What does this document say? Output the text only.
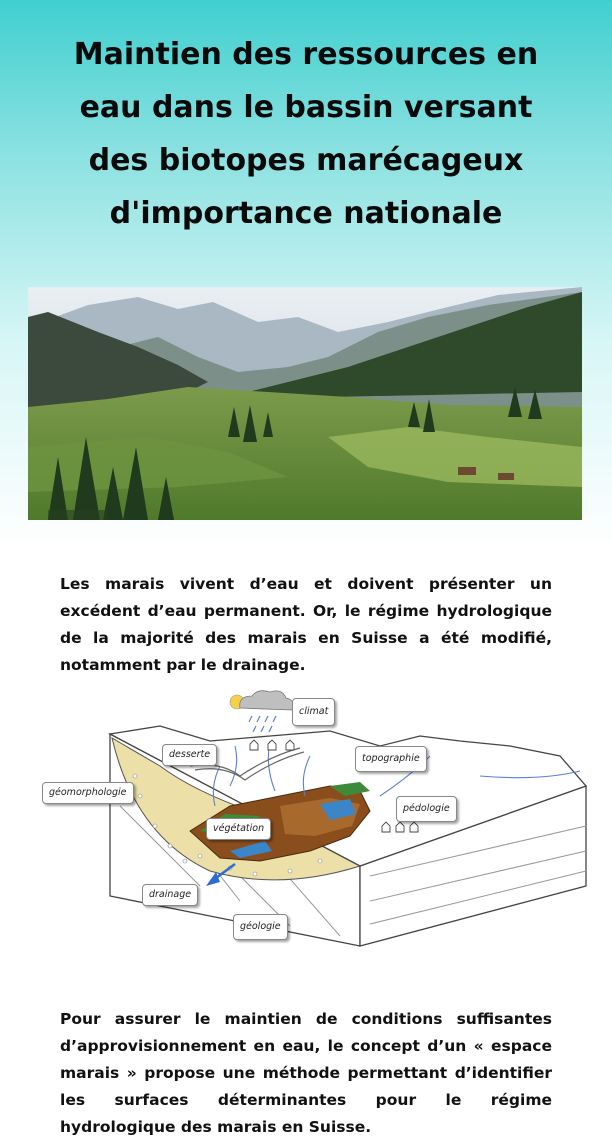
Maintien des ressources en
eau dans le bassin versant
des biotopes marécageux
d'importance nationale

Les marais vivent d’eau et doivent présenter un excédent d’eau permanent. Or, le régime hydrologique de la majorité des marais en Suisse a été modifié, notamment par le drainage.

climat
desserte	topographie
géomorphologie
pédologie
végétation
drainage
géologie

Pour assurer le maintien de conditions suffisantes d’approvisionnement en eau, le concept d’un « espace marais » propose une méthode permettant d’identifier les surfaces déterminantes pour le régime hydrologique des marais en Suisse.
